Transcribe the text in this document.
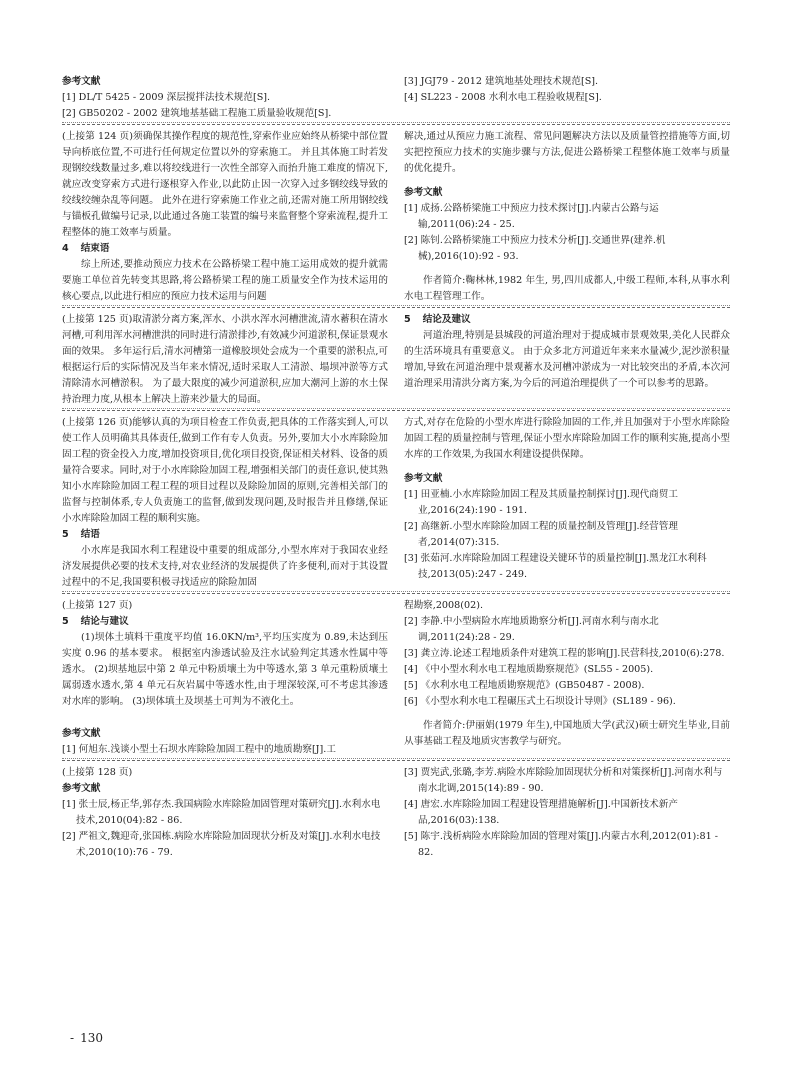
参考文献

[1] DL/T 5425 - 2009 深层搅拌法技术规范[S].

[2] GB50202 - 2002 建筑地基基础工程施工质量验收规范[S].

[3] JGJ79 - 2012 建筑地基处理技术规范[S].

[4] SL223 - 2008 水利水电工程验收规程[S].

(上接第 124 页)须确保其操作程度的规范性,穿索作业应始终从桥梁中部位置导向桥底位置,不可进行任何规定位置以外的穿索施工。 并且其体施工时若发现钢绞线数量过多,难以将绞线进行一次性全部穿入而抬升施工难度的情况下,就应改变穿索方式进行逐根穿入作业,以此防止因一次穿入过多钢绞线导致的绞线绞缠杂乱等问题。 此外在进行穿索施工作业之前,还需对施工所用钢绞线与锚板孔做编号记录,以此通过各施工装置的编号来监督整个穿索流程,提升工程整体的施工效率与质量。

4 结束语

综上所述,要推动预应力技术在公路桥梁工程中施工运用成效的提升就需要施工单位首先转变其思路,将公路桥梁工程的施工质量安全作为技术运用的核心要点,以此进行相应的预应力技术运用与问题

解决,通过从预应力施工流程、常见问题解决方法以及质量管控措施等方面,切实把控预应力技术的实施步骤与方法,促进公路桥梁工程整体施工效率与质量的优化提升。

参考文献

[1] 成扬.公路桥梁施工中预应力技术探讨[J].内蒙古公路与运输,2011(06):24 - 25.

[2] 陈钊.公路桥梁施工中预应力技术分析[J].交通世界(建养.机械),2016(10):92 - 93.

作者简介:鞠林林,1982 年生, 男,四川成都人,中级工程师,本科,从事水利水电工程管理工作。

(上接第 125 页)取清淤分离方案,浑水、小洪水浑水河槽泄流,清水蓄积在清水河槽,可利用浑水河槽泄洪的同时进行清淤排沙,有效减少河道淤积,保证景观水面的效果。 多年运行后,清水河槽第一道橡胶坝处会成为一个重要的淤积点,可根据运行后的实际情况及当年来水情况,适时采取人工清淤、塌坝冲淤等方式清除清水河槽淤积。 为了最大限度的减少河道淤积,应加大潮河上游的水土保持治理力度,从根本上解决上游来沙量大的局面。

5 结论及建议

河道治理,特别是县城段的河道治理对于提成城市景观效果,美化人民群众的生活环境具有重要意义。 由于众多北方河道近年来来水量减少,泥沙淤积量增加,导致在河道治理中景观蓄水及河槽冲淤成为一对比较突出的矛盾,本次河道治理采用清洪分离方案,为今后的河道治理提供了一个可以参考的思路。

(上接第 126 页)能够认真的为项目检查工作负责,把具体的工作落实到人,可以使工作人员明确其具体责任,做到工作有专人负责。另外,要加大小水库除险加固工程的资金投入力度,增加投资项目,优化项目投资,保证相关材料、设备的质量符合要求。同时,对于小水库除险加固工程,增强相关部门的责任意识,使其熟知小水库除险加固工程工程的项目过程以及除险加固的原则,完善相关部门的监督与控制体系,专人负责施工的监督,做到发现问题,及时报告并且修缮,保证小水库除险加固工程的顺利实施。

5 结语

小水库是我国水利工程建设中重要的组成部分,小型水库对于我国农业经济发展提供必要的技术支持,对农业经济的发展提供了许多便利,而对于其设置过程中的不足,我国要积极寻找适应的除险加固

方式,对存在危险的小型水库进行除险加固的工作,并且加强对于小型水库除险加固工程的质量控制与管理,保证小型水库除险加固工作的顺利实施,提高小型水库的工作效果,为我国水利建设提供保障。

参考文献

[1] 田亚楠.小水库除险加固工程及其质量控制探讨[J].现代商贸工业,2016(24):190 - 191.

[2] 高继新.小型水库除险加固工程的质量控制及管理[J].经营管理者,2014(07):315.

[3] 张茹河.水库除险加固工程建设关键环节的质量控制[J].黑龙江水利科技,2013(05):247 - 249.

(上接第 127 页)

5 结论与建议

(1)坝体土填料干重度平均值 16.0KN/m³,平均压实度为 0.89,未达到压实度 0.96 的基本要求。 根据室内渗透试验及注水试验判定其透水性属中等透水。 (2)坝基地层中第 2 单元中粉质壤土为中等透水,第 3 单元重粉质壤土属弱透水透水,第 4 单元石灰岩属中等透水性,由于埋深较深,可不考虑其渗透对水库的影响。 (3)坝体填土及坝基土可判为不液化土。

参考文献

[1] 何旭东.浅谈小型土石坝水库除险加固工程中的地质勘察[J].工

程勘察,2008(02).

[2] 李静.中小型病险水库地质勘察分析[J].河南水利与南水北调,2011(24):28 - 29.

[3] 龚立涛.论述工程地质条件对建筑工程的影响[J].民营科技,2010(6):278.

[4] 《中小型水利水电工程地质勘察规范》(SL55 - 2005).

[5] 《水利水电工程地质勘察规范》(GB50487 - 2008).

[6] 《小型水利水电工程碾压式土石坝设计导则》(SL189 - 96).

作者简介:伊丽娟(1979 年生),中国地质大学(武汉)硕士研究生毕业,目前从事基础工程及地质灾害教学与研究。

(上接第 128 页)

参考文献

[1] 张士辰,杨正华,郭存杰.我国病险水库除险加固管理对策研究[J].水利水电技术,2010(04):82 - 86.

[2] 严祖文,魏迎奇,张国栋.病险水库除险加固现状分析及对策[J].水利水电技术,2010(10):76 - 79.

[3] 贾宪武,张璐,李芳.病险水库除险加固现状分析和对策探析[J].河南水利与南水北调,2015(14):89 - 90.

[4] 唐宏.水库除险加固工程建设管理措施解析[J].中国新技术新产品,2016(03):138.

[5] 陈宇.浅析病险水库除险加固的管理对策[J].内蒙古水利,2012(01):81 - 82.

- 130
